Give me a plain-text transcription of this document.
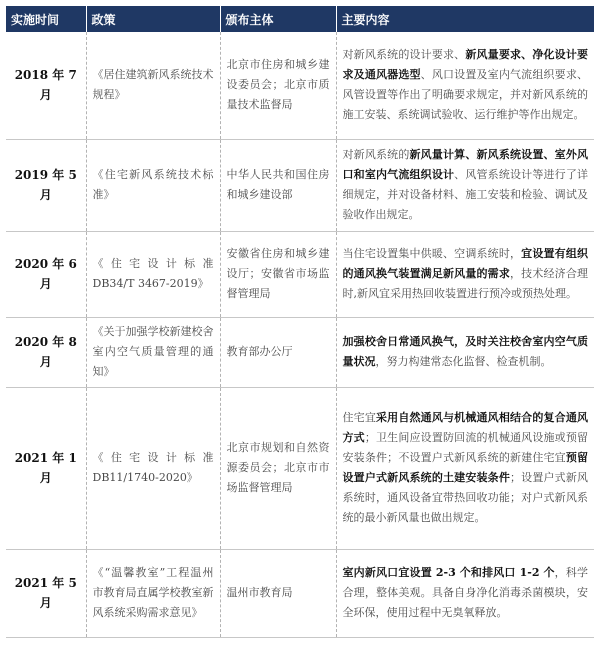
实施时间	政策	颁布主体	主要内容
2018 年 7 月	《居住建筑新风系统技术规程》	北京市住房和城乡建设委员会；北京市质量技术监督局	对新风系统的设计要求、新风量要求、净化设计要求及通风器选型、风口设置及室内气流组织要求、风管设置等作出了明确要求规定，并对新风系统的施工安装、系统调试验收、运行维护等作出规定。
2019 年 5 月	《住宅新风系统技术标准》	中华人民共和国住房和城乡建设部	对新风系统的新风量计算、新风系统设置、室外风口和室内气流组织设计、风管系统设计等进行了详细规定，并对设备材料、施工安装和检验、调试及验收作出规定。
2020 年 6 月	《住宅设计标准 DB34/T 3467-2019》	安徽省住房和城乡建设厅；安徽省市场监督管理局	当住宅设置集中供暖、空调系统时，宜设置有组织的通风换气装置满足新风量的需求，技术经济合理时,新风宜采用热回收装置进行预冷或预热处理。
2020 年 8 月	《关于加强学校新建校舍室内空气质量管理的通知》	教育部办公厅	加强校舍日常通风换气，及时关注校舍室内空气质量状况，努力构建常态化监督、检查机制。
2021 年 1 月	《住宅设计标准 DB11/1740-2020》	北京市规划和自然资源委员会；北京市市场监督管理局	住宅宜采用自然通风与机械通风相结合的复合通风方式；卫生间应设置防回流的机械通风设施或预留安装条件；不设置户式新风系统的新建住宅宜预留设置户式新风系统的土建安装条件；设置户式新风系统时，通风设备宜带热回收功能；对户式新风系统的最小新风量也做出规定。
2021 年 5 月	《“温馨教室”工程温州市教育局直属学校教室新风系统采购需求意见》	温州市教育局	室内新风口宜设置 2-3 个和排风口 1-2 个，科学合理，整体美观。具备自身净化消毒杀菌模块，安全环保，使用过程中无臭氧释放。
